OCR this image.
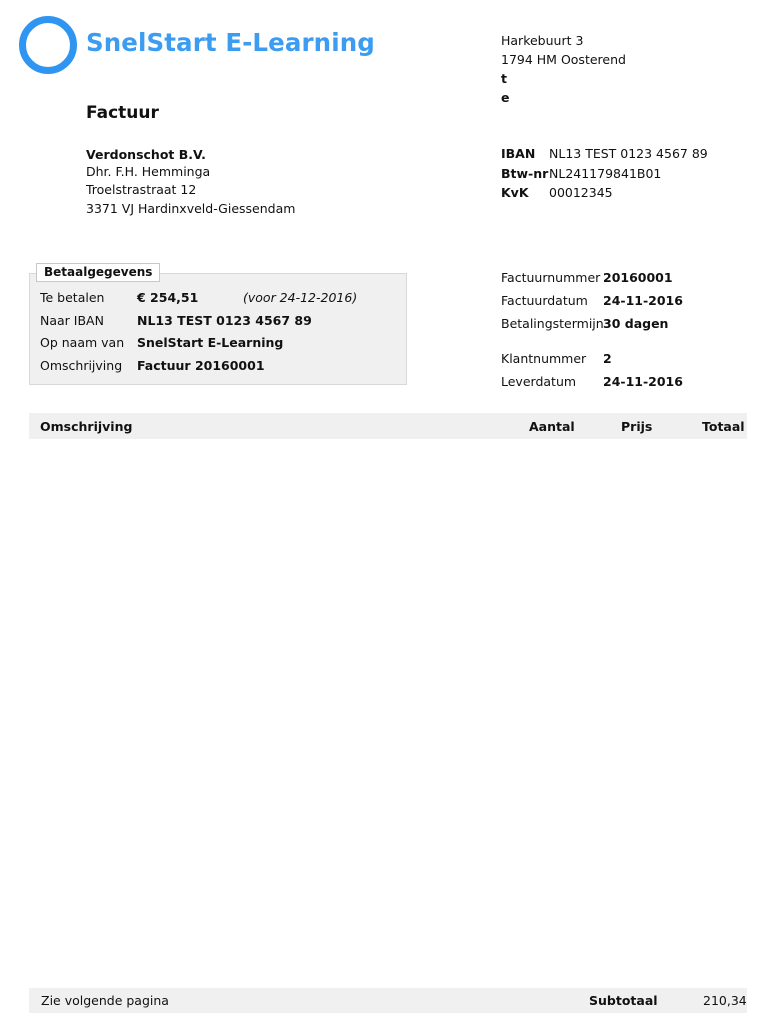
SnelStart E-Learning	Harkebuurt 3
1794 HM Oosterend
t
e
Factuur
Verdonschot B.V.
Dhr. F.H. Hemminga
Troelstrastraat 12
3371 VJ Hardinxveld-Giessendam
IBAN NL13 TEST 0123 4567 89
Btw-nr NL241179841B01
KvK 00012345
Betaalgegevens
Te betalen	€ 254,51	(voor 24-12-2016)
Naar IBAN	NL13 TEST 0123 4567 89
Op naam van SnelStart E-Learning
Omschrijving Factuur 20160001
Factuurnummer 20160001
Factuurdatum 24-11-2016
Betalingstermijn 30 dagen
Klantnummer 2
Leverdatum 24-11-2016
Omschrijving	Aantal	Prijs	Totaal
Zie volgende pagina	Subtotaal	210,34
